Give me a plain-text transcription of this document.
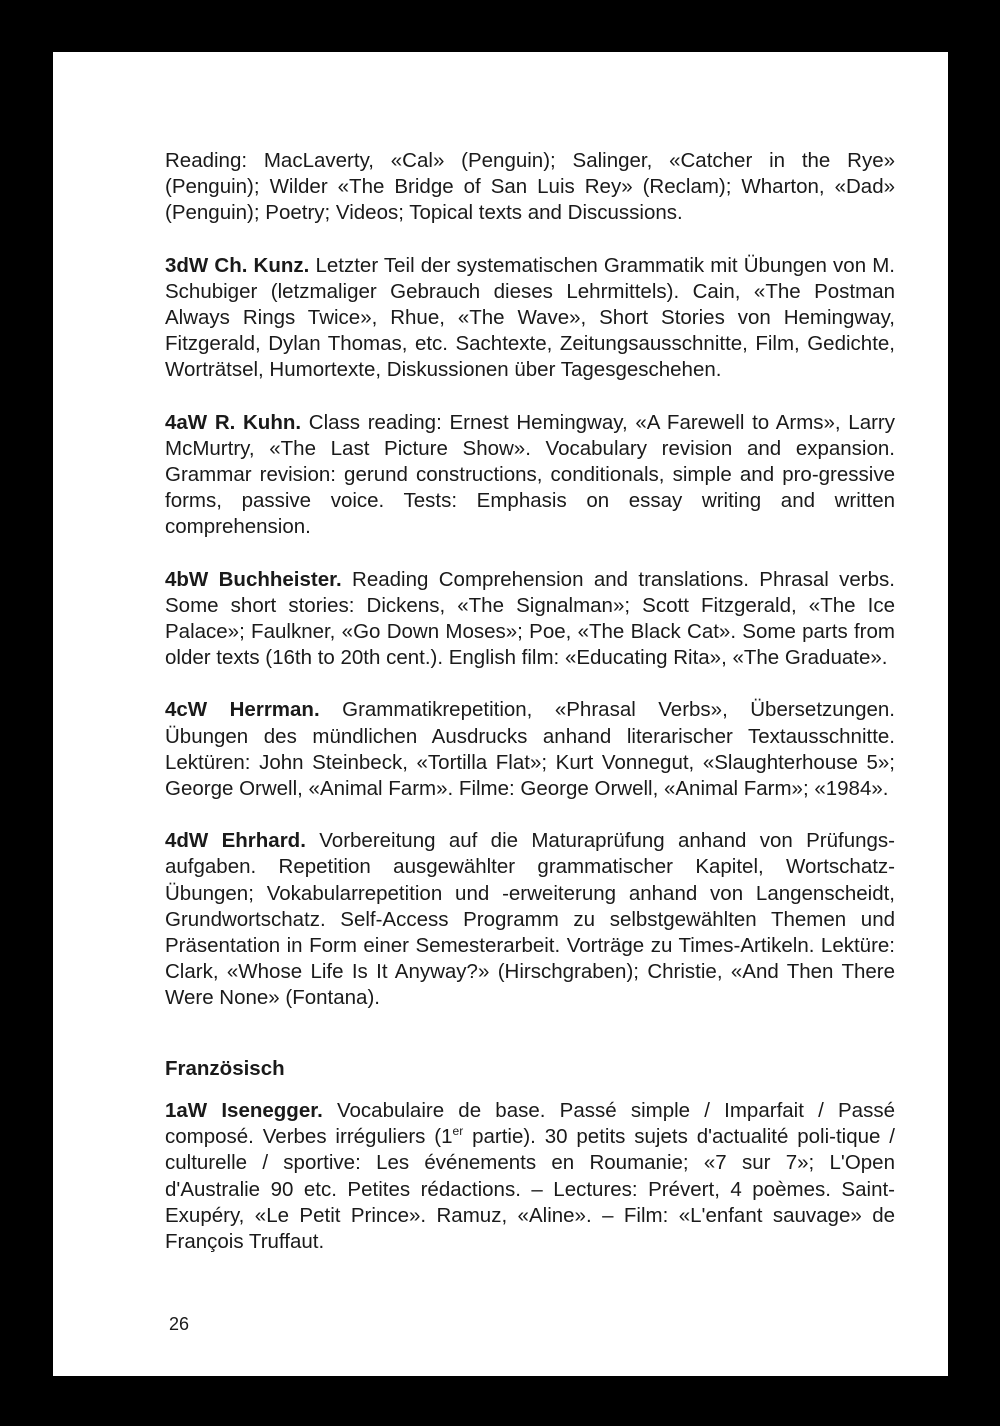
Reading: MacLaverty, «Cal» (Penguin); Salinger, «Catcher in the Rye» (Penguin); Wilder «The Bridge of San Luis Rey» (Reclam); Wharton, «Dad» (Penguin); Poetry; Videos; Topical texts and Discussions.

3dW Ch. Kunz. Letzter Teil der systematischen Grammatik mit Übungen von M. Schubiger (letzmaliger Gebrauch dieses Lehrmittels). Cain, «The Postman Always Rings Twice», Rhue, «The Wave», Short Stories von Hemingway, Fitzgerald, Dylan Thomas, etc. Sachtexte, Zeitungsausschnitte, Film, Gedichte, Worträtsel, Humortexte, Diskussionen über Tagesgeschehen.

4aW R. Kuhn. Class reading: Ernest Hemingway, «A Farewell to Arms», Larry McMurtry, «The Last Picture Show». Vocabulary revision and expansion. Grammar revision: gerund constructions, conditionals, simple and pro-gressive forms, passive voice. Tests: Emphasis on essay writing and written comprehension.

4bW Buchheister. Reading Comprehension and translations. Phrasal verbs. Some short stories: Dickens, «The Signalman»; Scott Fitzgerald, «The Ice Palace»; Faulkner, «Go Down Moses»; Poe, «The Black Cat». Some parts from older texts (16th to 20th cent.). English film: «Educating Rita», «The Graduate».

4cW Herrman. Grammatikrepetition, «Phrasal Verbs», Übersetzungen. Übungen des mündlichen Ausdrucks anhand literarischer Textausschnitte. Lektüren: John Steinbeck, «Tortilla Flat»; Kurt Vonnegut, «Slaughterhouse 5»; George Orwell, «Animal Farm». Filme: George Orwell, «Animal Farm»; «1984».

4dW Ehrhard. Vorbereitung auf die Maturaprüfung anhand von Prüfungs-aufgaben. Repetition ausgewählter grammatischer Kapitel, Wortschatz-Übungen; Vokabularrepetition und -erweiterung anhand von Langenscheidt, Grundwortschatz. Self-Access Programm zu selbstgewählten Themen und Präsentation in Form einer Semesterarbeit. Vorträge zu Times-Artikeln. Lektüre: Clark, «Whose Life Is It Anyway?» (Hirschgraben); Christie, «And Then There Were None» (Fontana).

Französisch

1aW Isenegger. Vocabulaire de base. Passé simple / Imparfait / Passé composé. Verbes irréguliers (1er partie). 30 petits sujets d'actualité poli-tique / culturelle / sportive: Les événements en Roumanie; «7 sur 7»; L'Open d'Australie 90 etc. Petites rédactions. – Lectures: Prévert, 4 poèmes. Saint-Exupéry, «Le Petit Prince». Ramuz, «Aline». – Film: «L'enfant sauvage» de François Truffaut.

26
